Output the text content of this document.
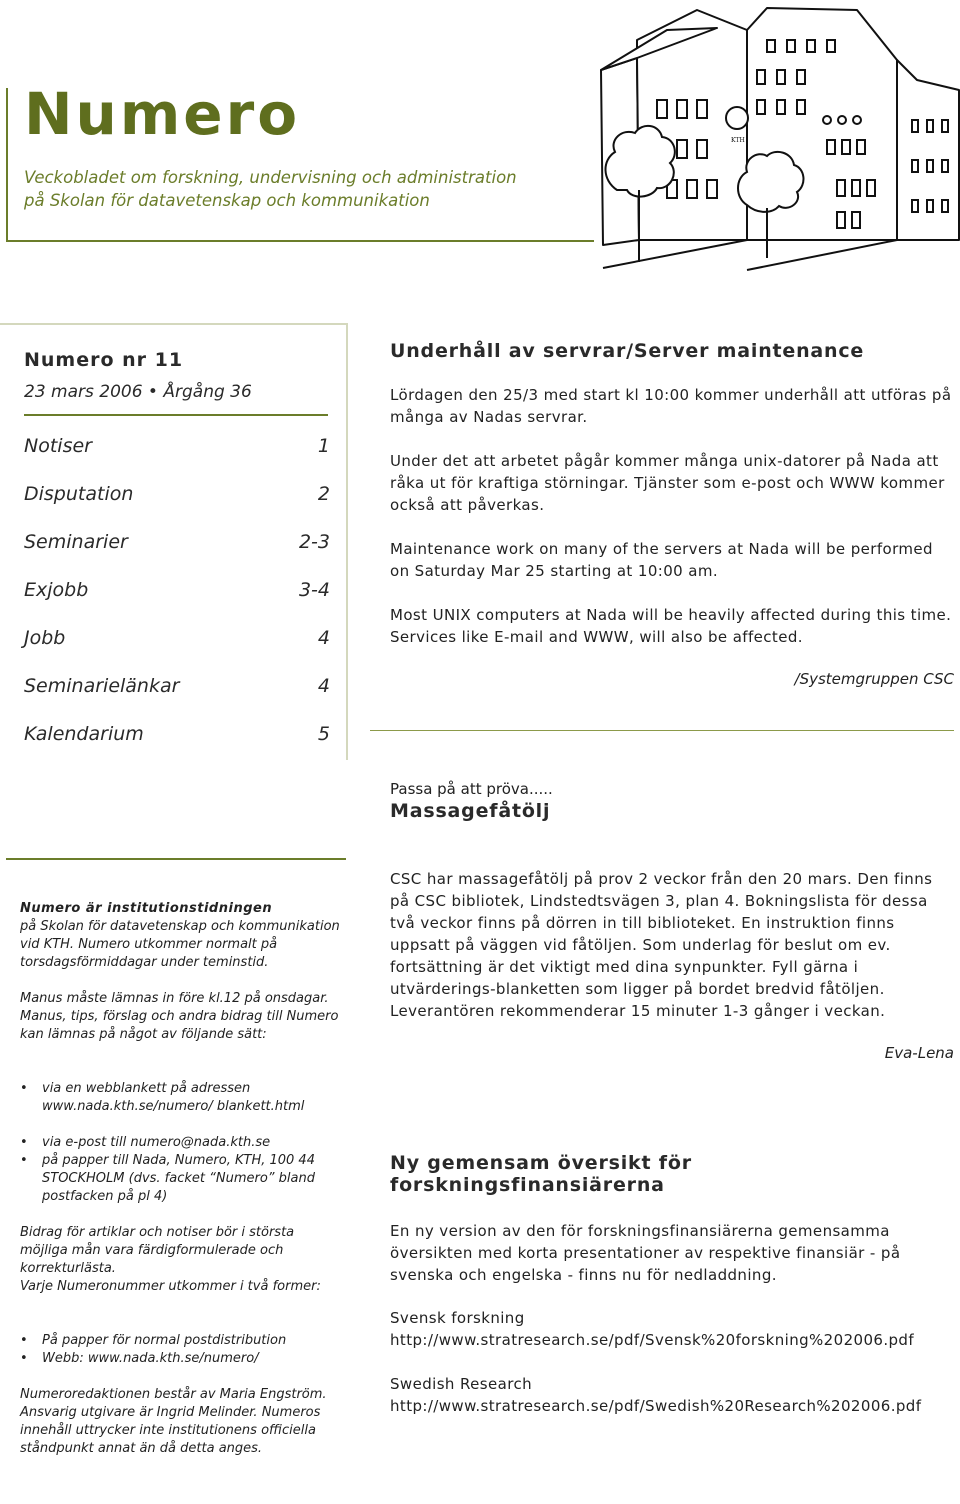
Numero
Veckobladet om forskning, undervisning och administration
på Skolan för datavetenskap och kommunikation
KTH
Numero nr 11
23 mars 2006 • Årgång 36
Notiser	1
Disputation	2
Seminarier	2-3
Exjobb	3-4
Jobb	4
Seminarielänkar	4
Kalendarium	5
Underhåll av servrar/Server maintenance
Lördagen den 25/3 med start kl 10:00 kommer underhåll att utföras på många av Nadas servrar.
Under det att arbetet pågår kommer många unix-datorer på Nada att råka ut för kraftiga störningar. Tjänster som e-post och WWW kommer också att påverkas.
Maintenance work on many of the servers at Nada will be performed on Saturday Mar 25 starting at 10:00 am.
Most UNIX computers at Nada will be heavily affected during this time. Services like E-mail and WWW, will also be affected.
/Systemgruppen CSC
Passa på att pröva.....
Massagefåtölj
CSC har massagefåtölj på prov 2 veckor från den 20 mars. Den finns på CSC bibliotek, Lindstedtsvägen 3, plan 4. Bokningslista för dessa två veckor finns på dörren in till biblioteket. En instruktion finns uppsatt på väggen vid fåtöljen. Som underlag för beslut om ev. fortsättning är det viktigt med dina synpunkter. Fyll gärna i utvärderings-blanketten som ligger på bordet bredvid fåtöljen. Leverantören rekommenderar 15 minuter 1-3 gånger i veckan.
Eva-Lena
Ny gemensam översikt för
forskningsfinansiärerna
En ny version av den för forskningsfinansiärerna gemensamma översikten med korta presentationer av respektive finansiär - på svenska och engelska - finns nu för nedladdning.
Svensk forskning
http://www.stratresearch.se/pdf/Svensk%20forskning%202006.pdf
Swedish Research
http://www.stratresearch.se/pdf/Swedish%20Research%202006.pdf
Numero är institutionstidningen
på Skolan för datavetenskap och kommunikation vid KTH. Numero utkommer normalt på torsdagsförmiddagar under teminstid.
Manus måste lämnas in före kl.12 på onsdagar. Manus, tips, förslag och andra bidrag till Numero kan lämnas på något av följande sätt:
• via en webblankett på adressen www.nada.kth.se/numero/ blankett.html
• via e-post till numero@nada.kth.se
• på papper till Nada, Numero, KTH, 100 44 STOCKHOLM (dvs. facket “Numero” bland postfacken på pl 4)
Bidrag för artiklar och notiser bör i största möjliga mån vara färdigformulerade och korrekturlästa.
Varje Numeronummer utkommer i två former:
• På papper för normal postdistribution
• Webb: www.nada.kth.se/numero/
Numeroredaktionen består av Maria Engström. Ansvarig utgivare är Ingrid Melinder. Numeros innehåll uttrycker inte institutionens officiella ståndpunkt annat än då detta anges.
